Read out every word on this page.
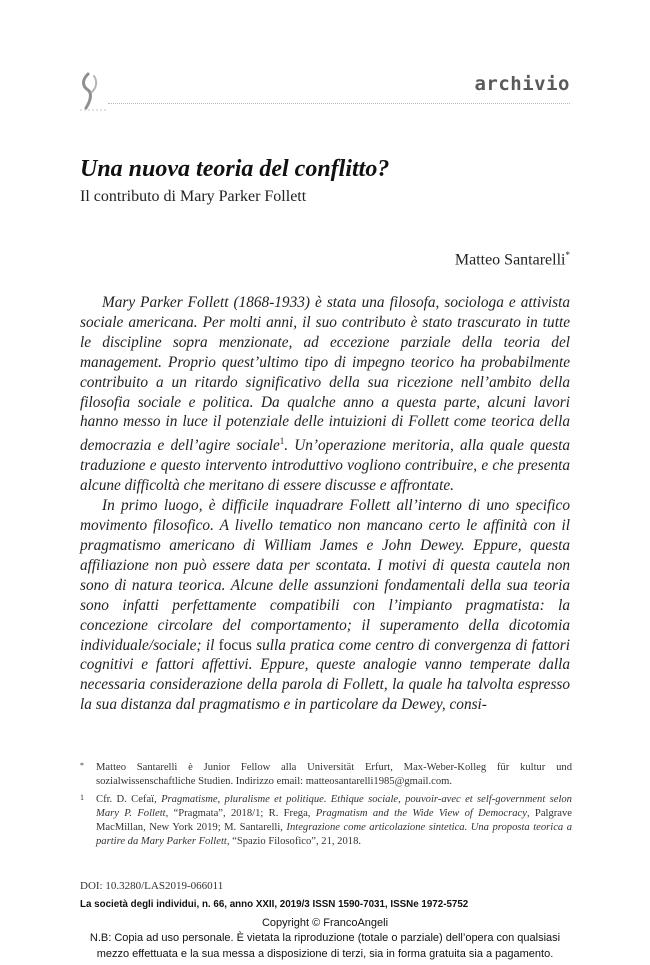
archivio
Una nuova teoria del conflitto?
Il contributo di Mary Parker Follett
Matteo Santarelli*

Mary Parker Follett (1868-1933) è stata una filosofa, sociologa e attivista sociale americana. Per molti anni, il suo contributo è stato trascurato in tutte le discipline sopra menzionate, ad eccezione parziale della teoria del management. Proprio quest’ultimo tipo di impegno teorico ha probabilmente contribuito a un ritardo significativo della sua ricezione nell’ambito della filosofia sociale e politica. Da qualche anno a questa parte, alcuni lavori hanno messo in luce il potenziale delle intuizioni di Follett come teorica della democrazia e dell’agire sociale$^1$. Un’operazione meritoria, alla quale questa traduzione e questo intervento introduttivo vogliono contribuire, e che presenta alcune difficoltà che meritano di essere discusse e affrontate.

In primo luogo, è difficile inquadrare Follett all’interno di uno specifico movimento filosofico. A livello tematico non mancano certo le affinità con il pragmatismo americano di William James e John Dewey. Eppure, questa affiliazione non può essere data per scontata. I motivi di questa cautela non sono di natura teorica. Alcune delle assunzioni fondamentali della sua teoria sono infatti perfettamente compatibili con l’impianto pragmatista: la concezione circolare del comportamento; il superamento della dicotomia individuale/sociale; il focus sulla pratica come centro di convergenza di fattori cognitivi e fattori affettivi. Eppure, queste analogie vanno temperate dalla necessaria considerazione della parola di Follett, la quale ha talvolta espresso la sua distanza dal pragmatismo e in particolare da Dewey, consi-

* Matteo Santarelli è Junior Fellow alla Universität Erfurt, Max-Weber-Kolleg für kultur und sozialwissenschaftliche Studien. Indirizzo email: matteosantarelli1985@gmail.com.
1 Cfr. D. Cefaï, Pragmatisme, pluralisme et politique. Ethique sociale, pouvoir-avec et self-government selon Mary P. Follett, “Pragmata”, 2018/1; R. Frega, Pragmatism and the Wide View of Democracy, Palgrave MacMillan, New York 2019; M. Santarelli, Integrazione come articolazione sintetica. Una proposta teorica a partire da Mary Parker Follett, “Spazio Filosofico”, 21, 2018.
DOI: 10.3280/LAS2019-066011
La società degli individui, n. 66, anno XXII, 2019/3 ISSN 1590-7031, ISSNe 1972-5752
Copyright © FrancoAngeli
N.B: Copia ad uso personale. È vietata la riproduzione (totale o parziale) dell’opera con qualsiasi
mezzo effettuata e la sua messa a disposizione di terzi, sia in forma gratuita sia a pagamento.
